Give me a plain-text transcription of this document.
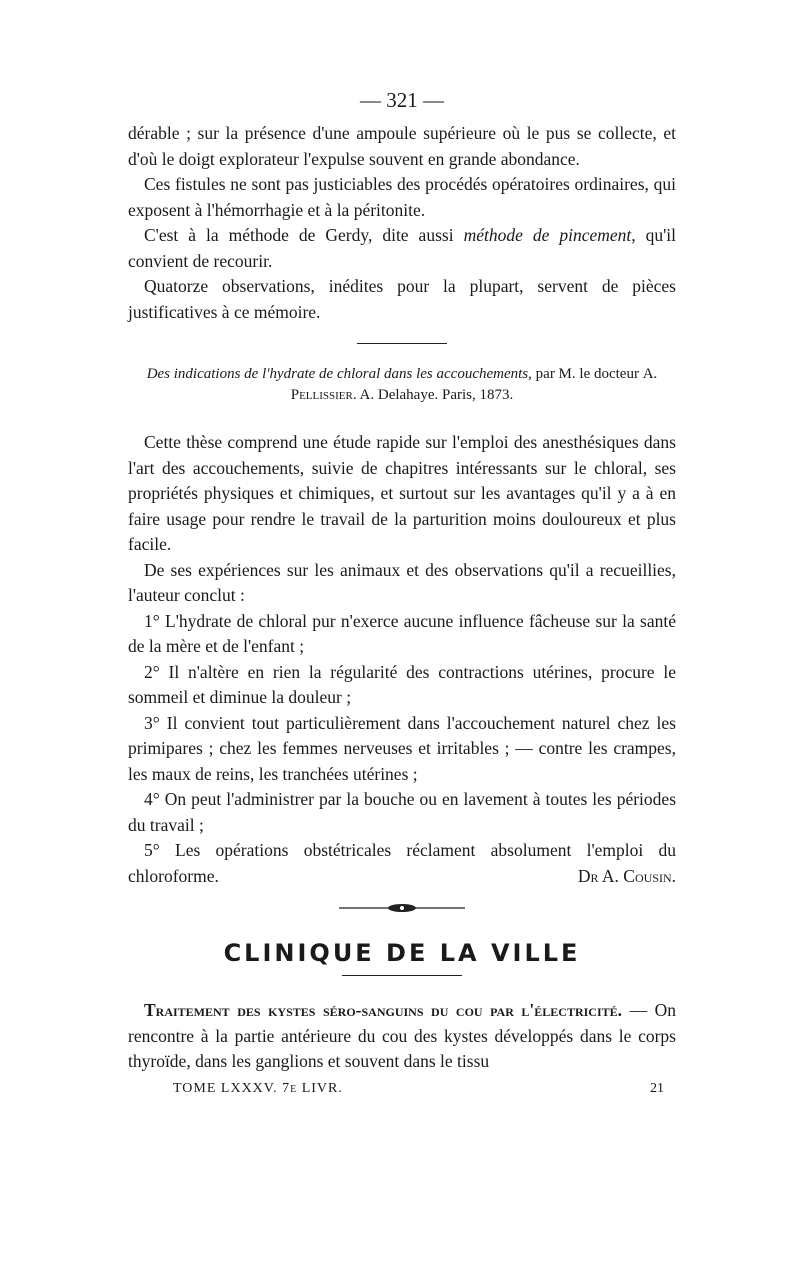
— 321 —

dérable ; sur la présence d'une ampoule supérieure où le pus se collecte, et d'où le doigt explorateur l'expulse souvent en grande abondance.

Ces fistules ne sont pas justiciables des procédés opératoires ordinaires, qui exposent à l'hémorrhagie et à la péritonite.

C'est à la méthode de Gerdy, dite aussi méthode de pincement, qu'il convient de recourir.

Quatorze observations, inédites pour la plupart, servent de pièces justificatives à ce mémoire.

Des indications de l'hydrate de chloral dans les accouchements, par M. le docteur A. Pellissier. A. Delahaye. Paris, 1873.

Cette thèse comprend une étude rapide sur l'emploi des anesthésiques dans l'art des accouchements, suivie de chapitres intéressants sur le chloral, ses propriétés physiques et chimiques, et surtout sur les avantages qu'il y a à en faire usage pour rendre le travail de la parturition moins douloureux et plus facile.

De ses expériences sur les animaux et des observations qu'il a recueillies, l'auteur conclut :

1° L'hydrate de chloral pur n'exerce aucune influence fâcheuse sur la santé de la mère et de l'enfant ;

2° Il n'altère en rien la régularité des contractions utérines, procure le sommeil et diminue la douleur ;

3° Il convient tout particulièrement dans l'accouchement naturel chez les primipares ; chez les femmes nerveuses et irritables ; — contre les crampes, les maux de reins, les tranchées utérines ;

4° On peut l'administrer par la bouche ou en lavement à toutes les périodes du travail ;

5° Les opérations obstétricales réclament absolument l'emploi du chloroforme.	Dr A. Cousin.

CLINIQUE DE LA VILLE

Traitement des kystes séro-sanguins du cou par l'électricité. — On rencontre à la partie antérieure du cou des kystes développés dans le corps thyroïde, dans les ganglions et souvent dans le tissu

TOME LXXXV. 7e LIVR.	21
